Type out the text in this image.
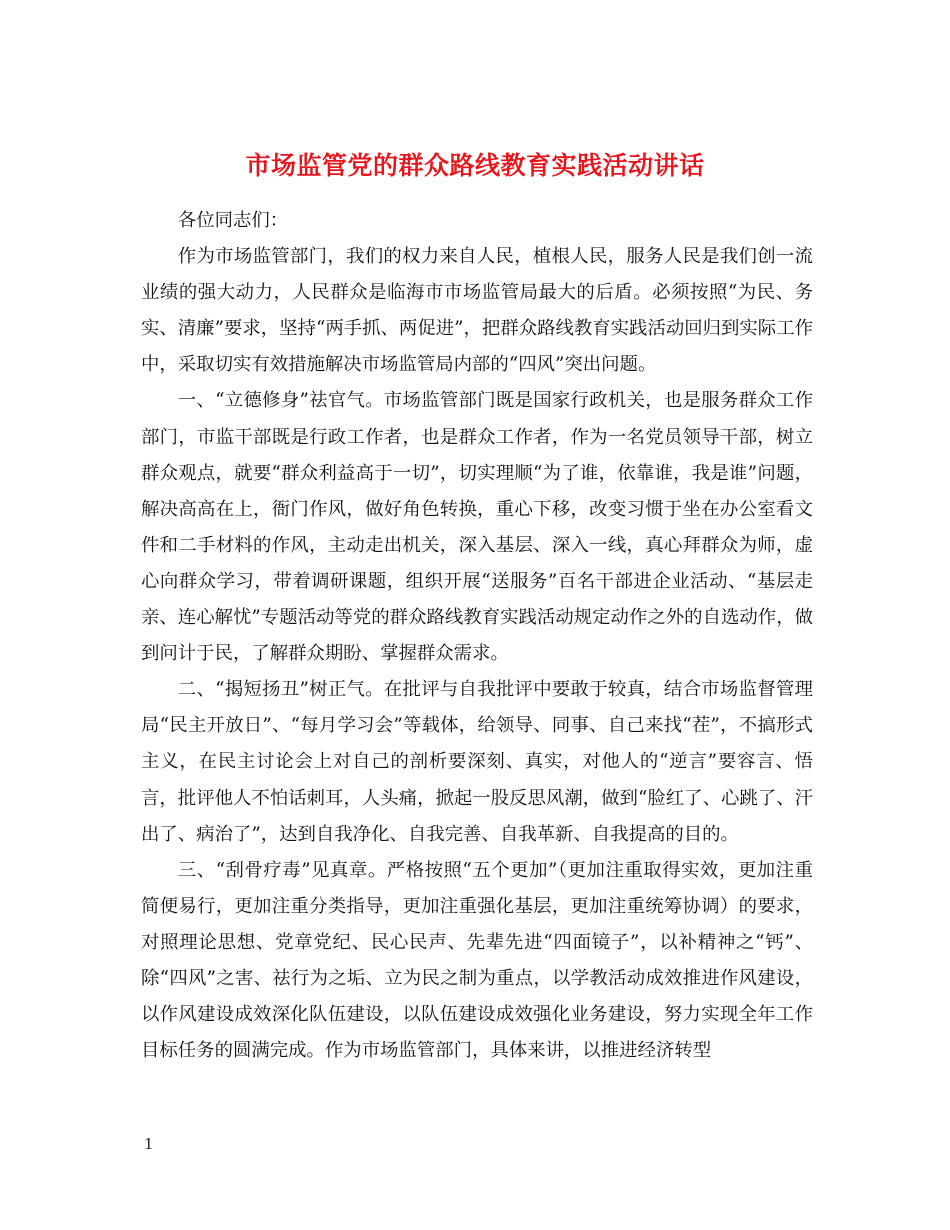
市场监管党的群众路线教育实践活动讲话

各位同志们：

作为市场监管部门，我们的权力来自人民，植根人民，服务人民是我们创一流业绩的强大动力，人民群众是临海市市场监管局最大的后盾。必须按照“为民、务实、清廉”要求，坚持“两手抓、两促进”，把群众路线教育实践活动回归到实际工作中，采取切实有效措施解决市场监管局内部的“四风”突出问题。

一、“立德修身”祛官气。市场监管部门既是国家行政机关，也是服务群众工作部门，市监干部既是行政工作者，也是群众工作者，作为一名党员领导干部，树立群众观点，就要“群众利益高于一切”，切实理顺“为了谁，依靠谁，我是谁”问题，解决高高在上，衙门作风，做好角色转换，重心下移，改变习惯于坐在办公室看文件和二手材料的作风，主动走出机关，深入基层、深入一线，真心拜群众为师，虚心向群众学习，带着调研课题，组织开展“送服务”百名干部进企业活动、“基层走亲、连心解忧”专题活动等党的群众路线教育实践活动规定动作之外的自选动作，做到问计于民，了解群众期盼、掌握群众需求。

二、“揭短扬丑”树正气。在批评与自我批评中要敢于较真，结合市场监督管理局“民主开放日”、“每月学习会”等载体，给领导、同事、自己来找“茬”，不搞形式主义，在民主讨论会上对自己的剖析要深刻、真实，对他人的“逆言”要容言、悟言，批评他人不怕话刺耳，人头痛，掀起一股反思风潮，做到“脸红了、心跳了、汗出了、病治了”，达到自我净化、自我完善、自我革新、自我提高的目的。

三、“刮骨疗毒”见真章。严格按照“五个更加”（更加注重取得实效，更加注重简便易行，更加注重分类指导，更加注重强化基层，更加注重统筹协调）的要求，对照理论思想、党章党纪、民心民声、先辈先进“四面镜子”，以补精神之“钙”、除“四风”之害、祛行为之垢、立为民之制为重点，以学教活动成效推进作风建设，以作风建设成效深化队伍建设，以队伍建设成效强化业务建设，努力实现全年工作目标任务的圆满完成。作为市场监管部门，具体来讲，以推进经济转型

1
